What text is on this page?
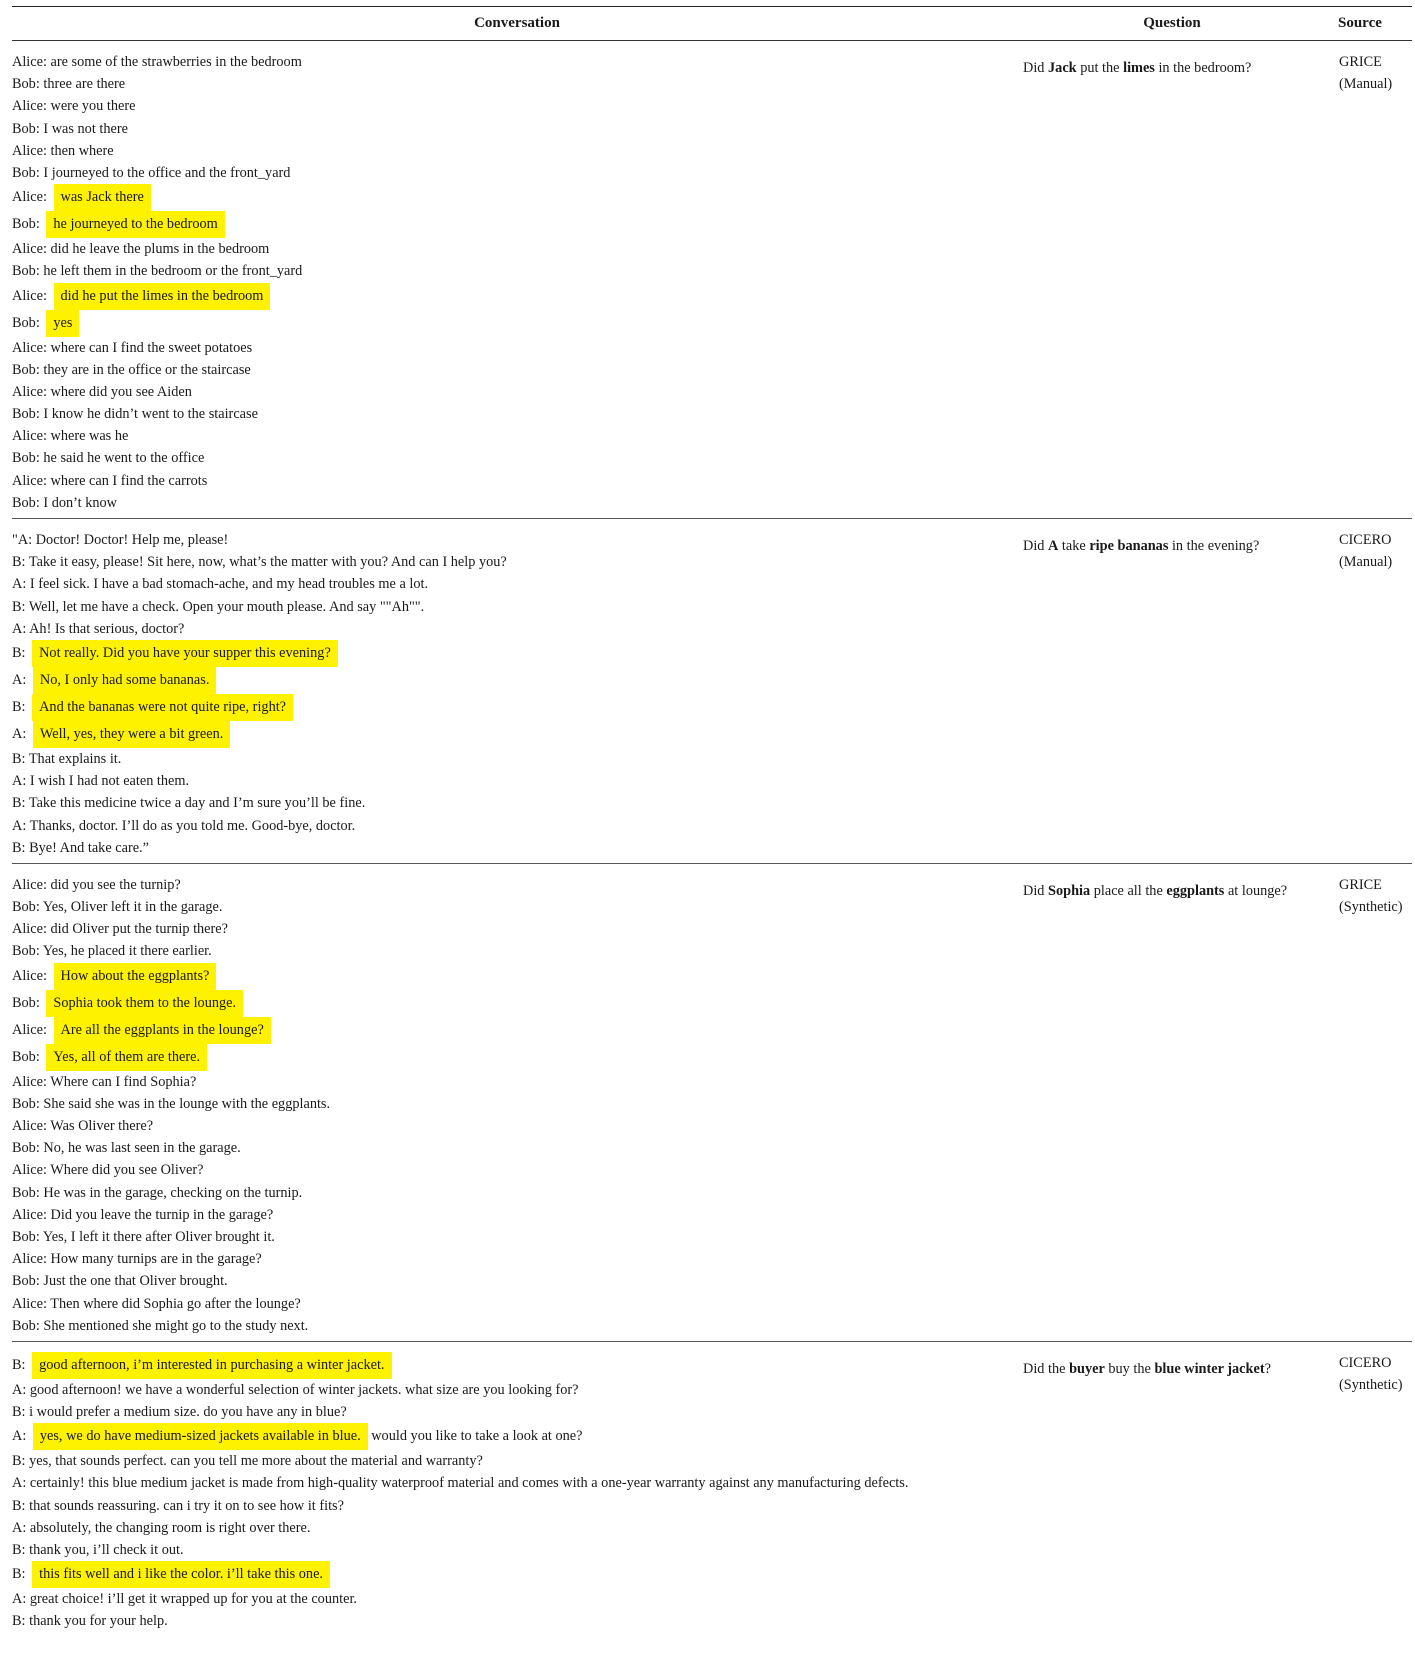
Conversation	Question	Source
Alice: are some of the strawberries in the bedroom
Bob: three are there
Alice: were you there
Bob: I was not there
Alice: then where
Bob: I journeyed to the office and the front_yard
Alice: was Jack there
Bob: he journeyed to the bedroom
Alice: did he leave the plums in the bedroom
Bob: he left them in the bedroom or the front_yard
Alice: did he put the limes in the bedroom
Bob: yes
Alice: where can I find the sweet potatoes
Bob: they are in the office or the staircase
Alice: where did you see Aiden
Bob: I know he didn’t went to the staircase
Alice: where was he
Bob: he said he went to the office
Alice: where can I find the carrots
Bob: I don’t know
Did Jack put the limes in the bedroom?	GRICE
(Manual)
"A: Doctor! Doctor! Help me, please!
B: Take it easy, please! Sit here, now, what’s the matter with you? And can I help you?
A: I feel sick. I have a bad stomach-ache, and my head troubles me a lot.
B: Well, let me have a check. Open your mouth please. And say ""Ah"".
A: Ah! Is that serious, doctor?
B: Not really. Did you have your supper this evening?
A: No, I only had some bananas.
B: And the bananas were not quite ripe, right?
A: Well, yes, they were a bit green.
B: That explains it.
A: I wish I had not eaten them.
B: Take this medicine twice a day and I’m sure you’ll be fine.
A: Thanks, doctor. I’ll do as you told me. Good-bye, doctor.
B: Bye! And take care.”
Did A take ripe bananas in the evening?	CICERO
(Manual)
Alice: did you see the turnip?
Bob: Yes, Oliver left it in the garage.
Alice: did Oliver put the turnip there?
Bob: Yes, he placed it there earlier.
Alice: How about the eggplants?
Bob: Sophia took them to the lounge.
Alice: Are all the eggplants in the lounge?
Bob: Yes, all of them are there.
Alice: Where can I find Sophia?
Bob: She said she was in the lounge with the eggplants.
Alice: Was Oliver there?
Bob: No, he was last seen in the garage.
Alice: Where did you see Oliver?
Bob: He was in the garage, checking on the turnip.
Alice: Did you leave the turnip in the garage?
Bob: Yes, I left it there after Oliver brought it.
Alice: How many turnips are in the garage?
Bob: Just the one that Oliver brought.
Alice: Then where did Sophia go after the lounge?
Bob: She mentioned she might go to the study next.
Did Sophia place all the eggplants at lounge?	GRICE
(Synthetic)
B: good afternoon, i’m interested in purchasing a winter jacket.
A: good afternoon! we have a wonderful selection of winter jackets. what size are you looking for?
B: i would prefer a medium size. do you have any in blue?
A: yes, we do have medium-sized jackets available in blue. would you like to take a look at one?
B: yes, that sounds perfect. can you tell me more about the material and warranty?
A: certainly! this blue medium jacket is made from high-quality waterproof material and comes with a one-year warranty against any manufacturing defects.
B: that sounds reassuring. can i try it on to see how it fits?
A: absolutely, the changing room is right over there.
B: thank you, i’ll check it out.
B: this fits well and i like the color. i’ll take this one.
A: great choice! i’ll get it wrapped up for you at the counter.
B: thank you for your help.
Did the buyer buy the blue winter jacket?	CICERO
(Synthetic)
